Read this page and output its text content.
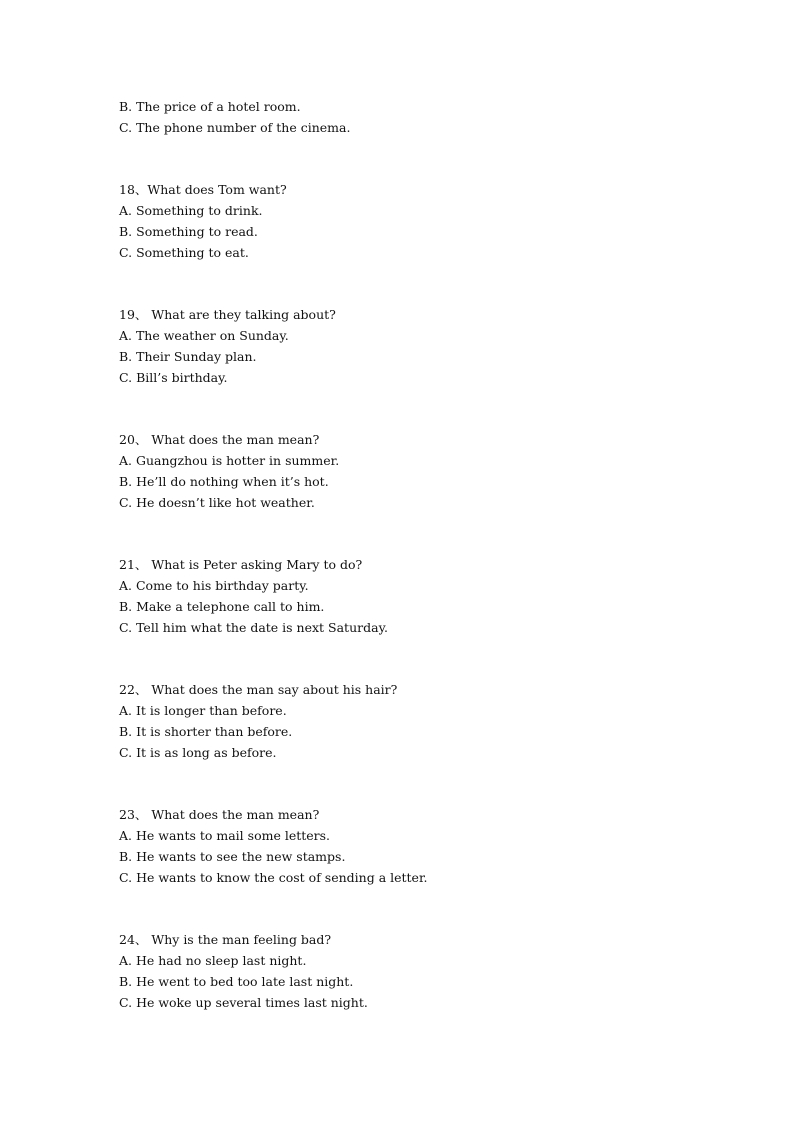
B. The price of a hotel room.
C. The phone number of the cinema.
18、What does Tom want?
A. Something to drink.
B. Something to read.
C. Something to eat.
19、 What are they talking about?
A. The weather on Sunday.
B. Their Sunday plan.
C. Bill’s birthday.
20、 What does the man mean?
A. Guangzhou is hotter in summer.
B. He’ll do nothing when it’s hot.
C. He doesn’t like hot weather.
21、 What is Peter asking Mary to do?
A. Come to his birthday party.
B. Make a telephone call to him.
C. Tell him what the date is next Saturday.
22、 What does the man say about his hair?
A. It is longer than before.
B. It is shorter than before.
C. It is as long as before.
23、 What does the man mean?
A. He wants to mail some letters.
B. He wants to see the new stamps.
C. He wants to know the cost of sending a letter.
24、 Why is the man feeling bad?
A. He had no sleep last night.
B. He went to bed too late last night.
C. He woke up several times last night.
